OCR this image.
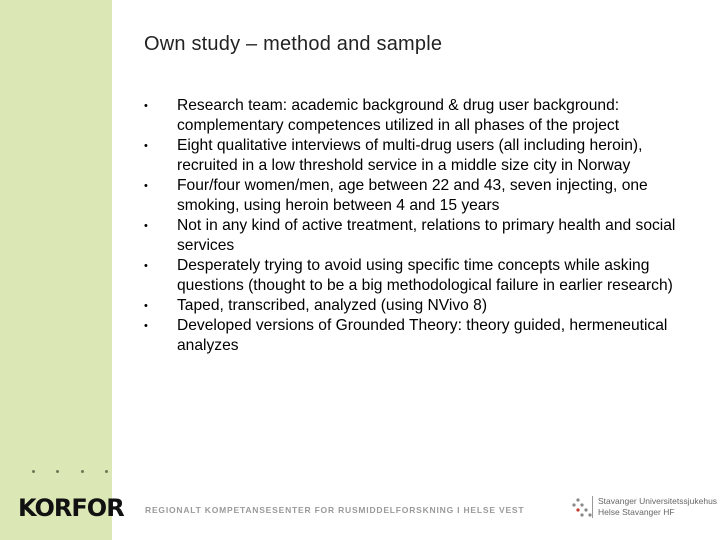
Own study – method and sample
•	Research team: academic background & drug user background: complementary competences utilized in all phases of the project
•	Eight qualitative interviews of multi-drug users (all including heroin), recruited in a low threshold service in a middle size city in Norway
•	Four/four women/men, age between 22 and 43, seven injecting, one smoking, using heroin between 4 and 15 years
•	Not in any kind of active treatment, relations to primary health and social services
•	Desperately trying to avoid using specific time concepts while asking questions (thought to be a big methodological failure in earlier research)
•	Taped, transcribed, analyzed (using NVivo 8)
•	Developed versions of Grounded Theory: theory guided, hermeneutical analyzes
KORFOR	REGIONALT KOMPETANSESENTER FOR RUSMIDDELFORSKNING I HELSE VEST
Stavanger Universitetssjukehus
Helse Stavanger HF
